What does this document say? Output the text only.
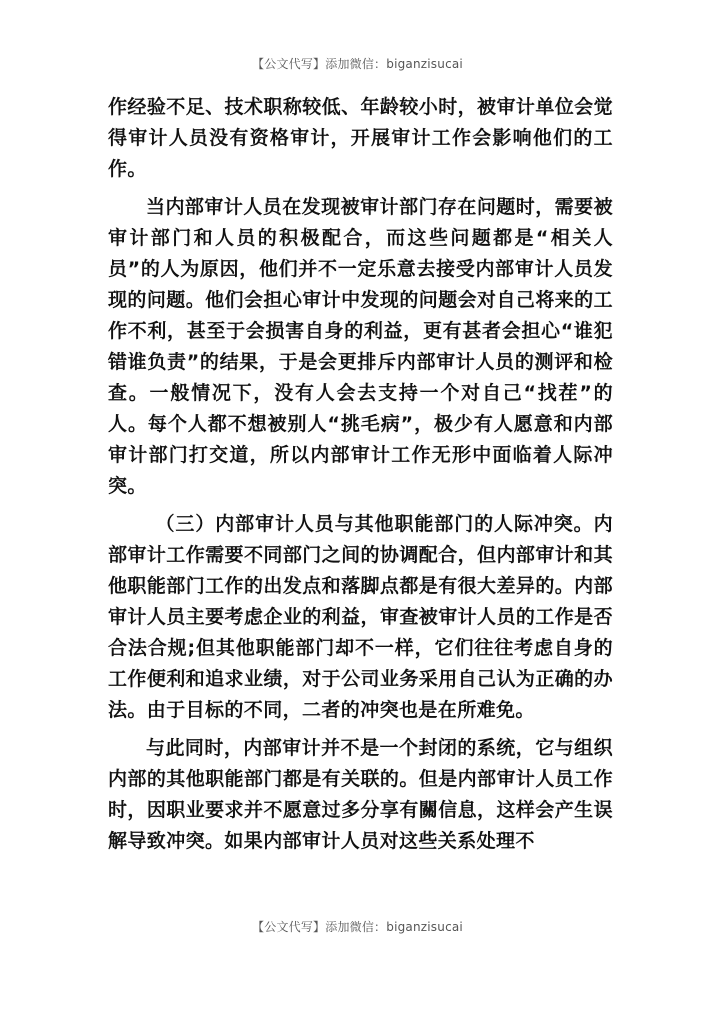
【公文代写】添加微信：biganzisucai

作经验不足、技术职称较低、年龄较小时，被审计单位会觉得审计人员没有资格审计，开展审计工作会影响他们的工作。

当内部审计人员在发现被审计部门存在问题时，需要被审计部门和人员的积极配合，而这些问题都是“相关人员”的人为原因，他们并不一定乐意去接受内部审计人员发现的问题。他们会担心审计中发现的问题会对自己将来的工作不利，甚至于会损害自身的利益，更有甚者会担心“谁犯错谁负责”的结果，于是会更排斥内部审计人员的测评和检查。一般情况下，没有人会去支持一个对自己“找茬”的人。每个人都不想被别人“挑毛病”，极少有人愿意和内部审计部门打交道，所以内部审计工作无形中面临着人际冲突。

（三）内部审计人员与其他职能部门的人际冲突。内部审计工作需要不同部门之间的协调配合，但内部审计和其他职能部门工作的出发点和落脚点都是有很大差异的。内部审计人员主要考虑企业的利益，审查被审计人员的工作是否合法合规;但其他职能部门却不一样，它们往往考虑自身的工作便利和追求业绩，对于公司业务采用自己认为正确的办法。由于目标的不同，二者的冲突也是在所难免。

与此同时，内部审计并不是一个封闭的系统，它与组织内部的其他职能部门都是有关联的。但是内部审计人员工作时，因职业要求并不愿意过多分享有關信息，这样会产生误解导致冲突。如果内部审计人员对这些关系处理不

【公文代写】添加微信：biganzisucai
